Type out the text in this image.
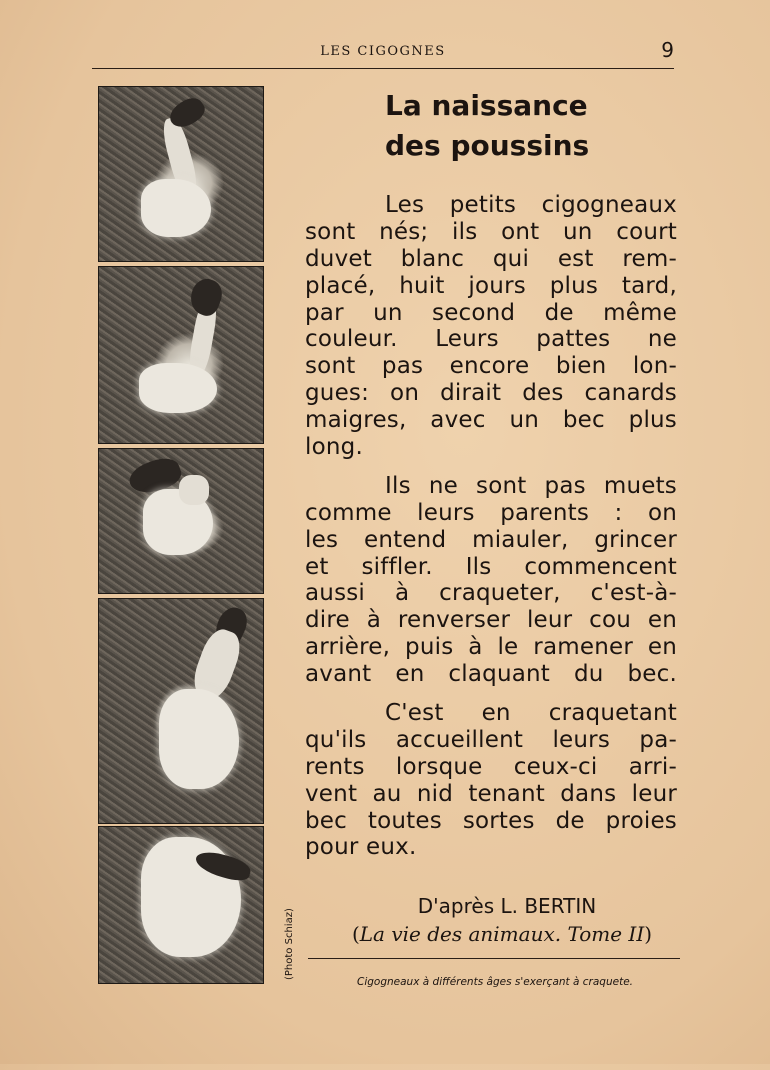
LES CIGOGNES	9
(Photo Schiaz)
La naissance
des poussins
Les petits cigogneaux
sont nés; ils ont un court
duvet blanc qui est rem-
placé, huit jours plus tard,
par un second de même
couleur. Leurs pattes ne
sont pas encore bien lon-
gues: on dirait des canards
maigres, avec un bec plus
long.
Ils ne sont pas muets
comme leurs parents : on
les entend miauler, grincer
et siffler. Ils commencent
aussi à craqueter, c'est-à-
dire à renverser leur cou en
arrière, puis à le ramener en
avant en claquant du bec.
C'est en craquetant
qu'ils accueillent leurs pa-
rents lorsque ceux-ci arri-
vent au nid tenant dans leur
bec toutes sortes de proies
pour eux.
D'après L. BERTIN
(La vie des animaux. Tome II)
Cigogneaux à différents âges s'exerçant à craquete.
